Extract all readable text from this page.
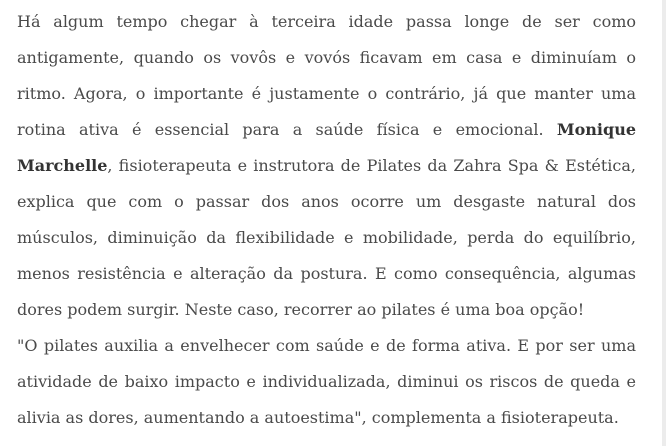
Há algum tempo chegar à terceira idade passa longe de ser como antigamente, quando os vovôs e vovós ficavam em casa e diminuíam o ritmo. Agora, o importante é justamente o contrário, já que manter uma rotina ativa é essencial para a saúde física e emocional. Monique Marchelle, fisioterapeuta e instrutora de Pilates da Zahra Spa & Estética, explica que com o passar dos anos ocorre um desgaste natural dos músculos, diminuição da flexibilidade e mobilidade, perda do equilíbrio, menos resistência e alteração da postura. E como consequência, algumas dores podem surgir. Neste caso, recorrer ao pilates é uma boa opção!

"O pilates auxilia a envelhecer com saúde e de forma ativa. E por ser uma atividade de baixo impacto e individualizada, diminui os riscos de queda e alivia as dores, aumentando a autoestima", complementa a fisioterapeuta.
